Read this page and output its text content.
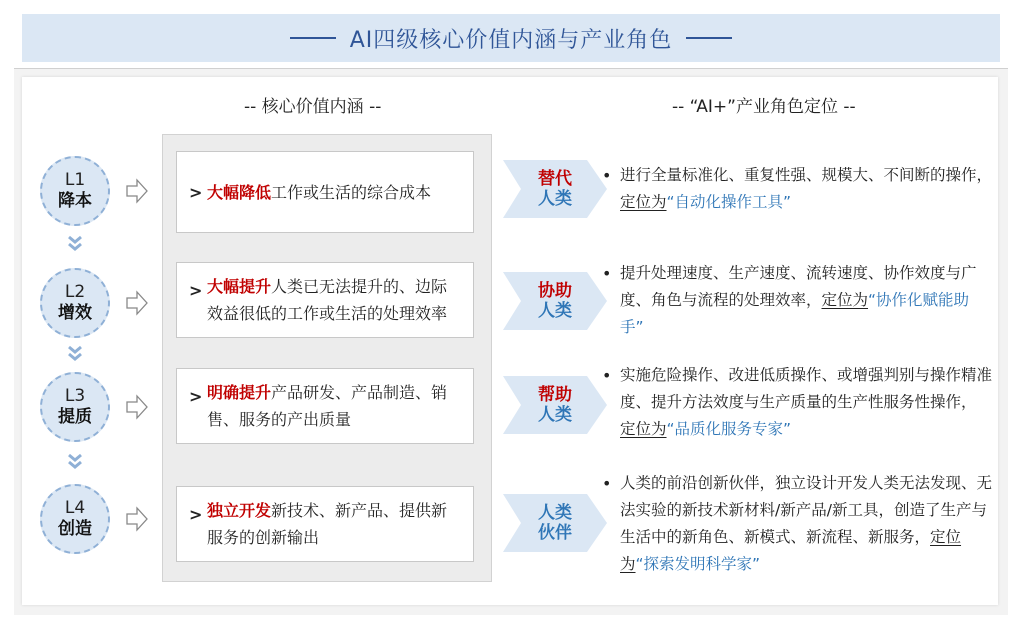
AI四级核心价值内涵与产业角色
-- 核心价值内涵 --	-- “AI+”产业角色定位 --
L1
降本
L2
增效
L3
提质
L4
创造
> 大幅降低工作或生活的综合成本
> 大幅提升人类已无法提升的、边际效益很低的工作或生活的处理效率
> 明确提升产品研发、产品制造、销售、服务的产出质量
> 独立开发新技术、新产品、提供新服务的创新输出
替代
人类
协助
人类
帮助
人类
人类
伙伴
• 进行全量标准化、重复性强、规模大、不间断的操作，定位为“自动化操作工具”
• 提升处理速度、生产速度、流转速度、协作效度与广度、角色与流程的处理效率，定位为“协作化赋能助手”
• 实施危险操作、改进低质操作、或增强判别与操作精准度、提升方法效度与生产质量的生产性服务性操作，定位为“品质化服务专家”
• 人类的前沿创新伙伴，独立设计开发人类无法发现、无法实验的新技术新材料/新产品/新工具，创造了生产与生活中的新角色、新模式、新流程、新服务，定位为“探索发明科学家”
